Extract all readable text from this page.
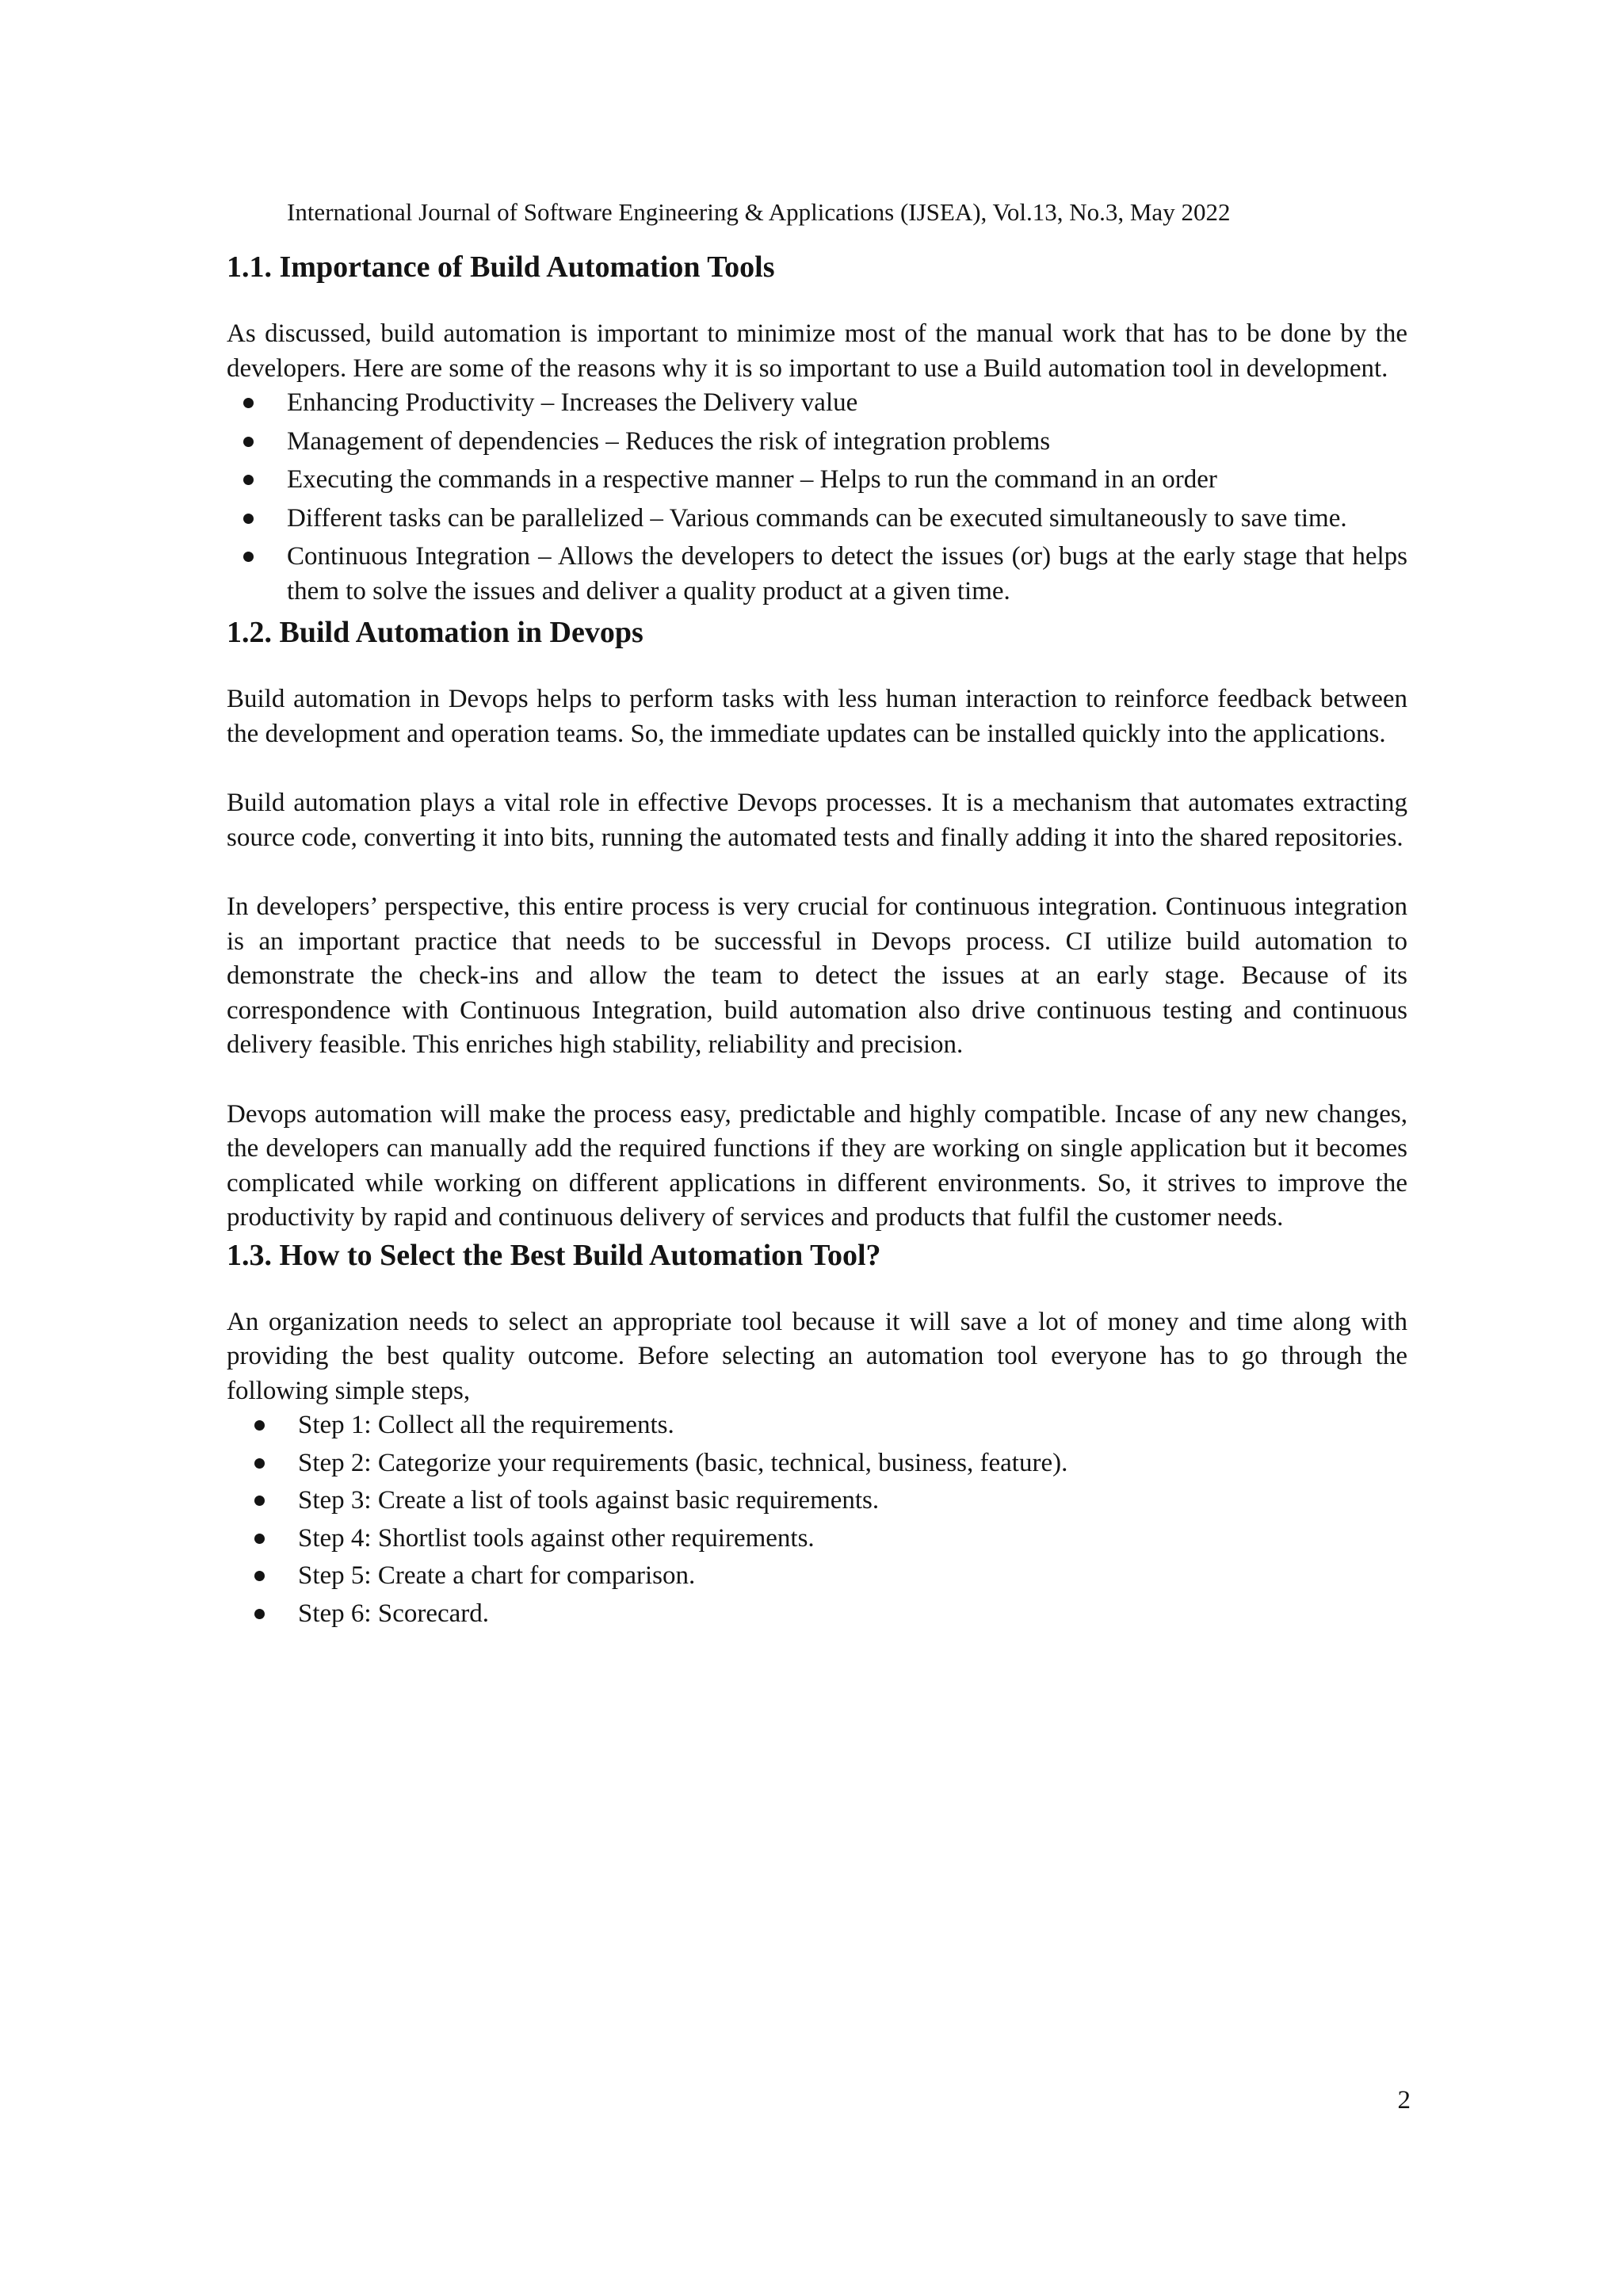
International Journal of Software Engineering & Applications (IJSEA), Vol.13, No.3, May 2022
1.1. Importance of Build Automation Tools

As discussed, build automation is important to minimize most of the manual work that has to be done by the developers. Here are some of the reasons why it is so important to use a Build automation tool in development.

Enhancing Productivity – Increases the Delivery value
Management of dependencies – Reduces the risk of integration problems
Executing the commands in a respective manner – Helps to run the command in an order
Different tasks can be parallelized – Various commands can be executed simultaneously to save time.
Continuous Integration – Allows the developers to detect the issues (or) bugs at the early stage that helps them to solve the issues and deliver a quality product at a given time.
1.2. Build Automation in Devops

Build automation in Devops helps to perform tasks with less human interaction to reinforce feedback between the development and operation teams. So, the immediate updates can be installed quickly into the applications.

Build automation plays a vital role in effective Devops processes. It is a mechanism that automates extracting source code, converting it into bits, running the automated tests and finally adding it into the shared repositories.

In developers’ perspective, this entire process is very crucial for continuous integration. Continuous integration is an important practice that needs to be successful in Devops process. CI utilize build automation to demonstrate the check-ins and allow the team to detect the issues at an early stage. Because of its correspondence with Continuous Integration, build automation also drive continuous testing and continuous delivery feasible. This enriches high stability, reliability and precision.

Devops automation will make the process easy, predictable and highly compatible. Incase of any new changes, the developers can manually add the required functions if they are working on single application but it becomes complicated while working on different applications in different environments. So, it strives to improve the productivity by rapid and continuous delivery of services and products that fulfil the customer needs.

1.3. How to Select the Best Build Automation Tool?

An organization needs to select an appropriate tool because it will save a lot of money and time along with providing the best quality outcome. Before selecting an automation tool everyone has to go through the following simple steps,

Step 1: Collect all the requirements.
Step 2: Categorize your requirements (basic, technical, business, feature).
Step 3: Create a list of tools against basic requirements.
Step 4: Shortlist tools against other requirements.
Step 5: Create a chart for comparison.
Step 6: Scorecard.
2
